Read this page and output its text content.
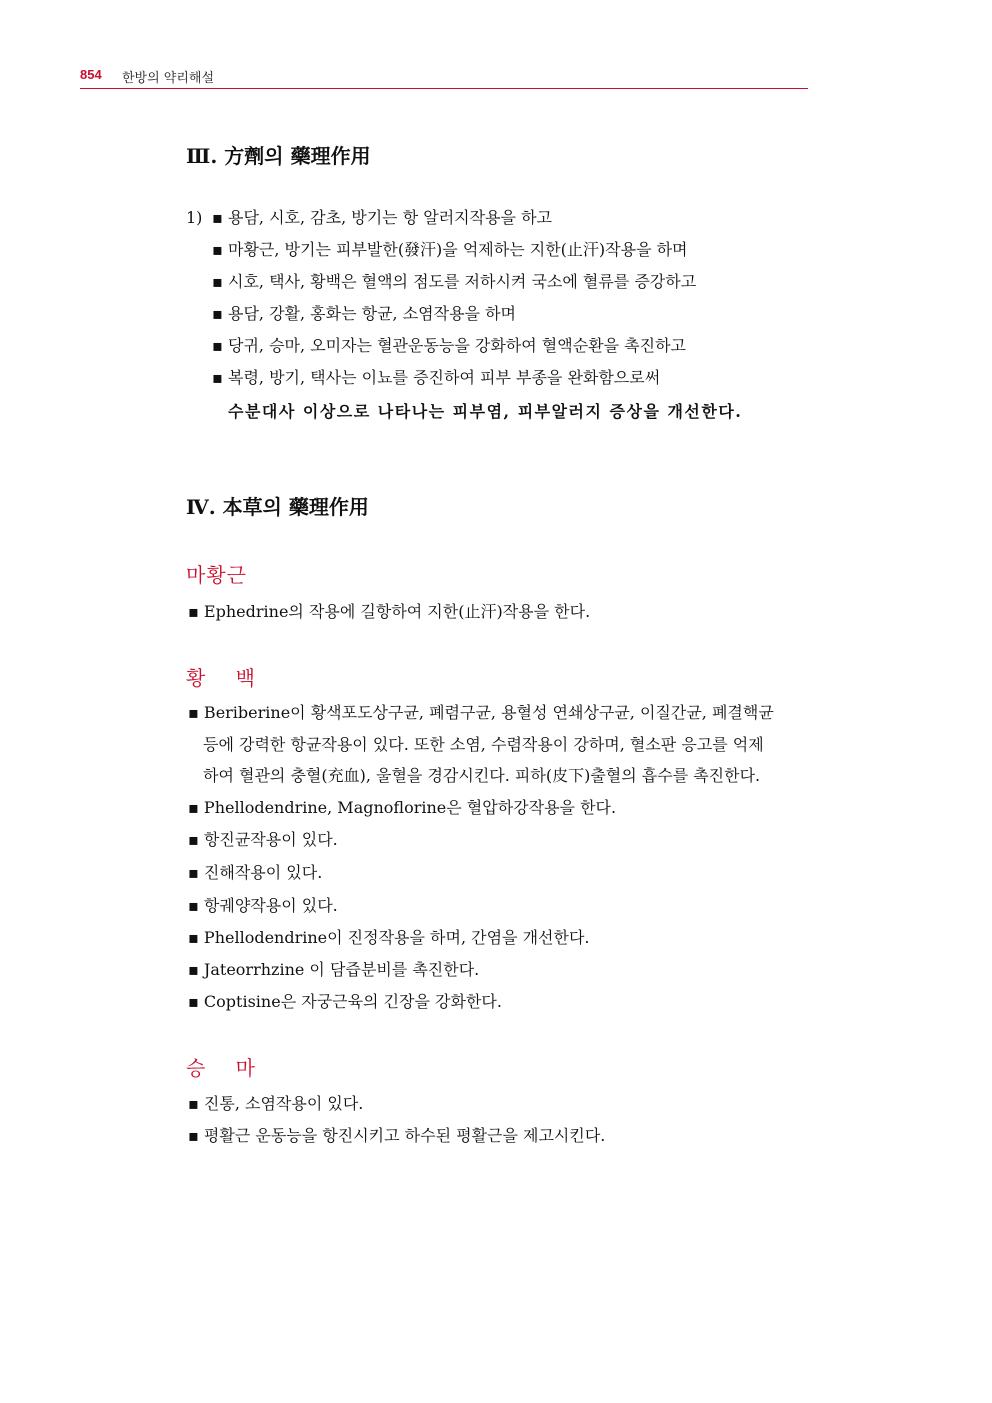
854 한방의 약리해설
Ⅲ. 方劑의 藥理作用
1) ▪ 용담, 시호, 감초, 방기는 항 알러지작용을 하고
▪ 마황근, 방기는 피부발한(發汗)을 억제하는 지한(止汗)작용을 하며
▪ 시호, 택사, 황백은 혈액의 점도를 저하시켜 국소에 혈류를 증강하고
▪ 용담, 강활, 홍화는 항균, 소염작용을 하며
▪ 당귀, 승마, 오미자는 혈관운동능을 강화하여 혈액순환을 촉진하고
▪ 복령, 방기, 택사는 이뇨를 증진하여 피부 부종을 완화함으로써
수분대사 이상으로 나타나는 피부염, 피부알러지 증상을 개선한다.
Ⅳ. 本草의 藥理作用
마황근
▪ Ephedrine의 작용에 길항하여 지한(止汗)작용을 한다.
황 백
▪ Beriberine이 황색포도상구균, 폐렴구균, 용혈성 연쇄상구균, 이질간균, 폐결핵균
등에 강력한 항균작용이 있다. 또한 소염, 수렴작용이 강하며, 혈소판 응고를 억제
하여 혈관의 충혈(充血), 울혈을 경감시킨다. 피하(皮下)출혈의 흡수를 촉진한다.
▪ Phellodendrine, Magnoflorine은 혈압하강작용을 한다.
▪ 항진균작용이 있다.
▪ 진해작용이 있다.
▪ 항궤양작용이 있다.
▪ Phellodendrine이 진정작용을 하며, 간염을 개선한다.
▪ Jateorrhzine 이 담즙분비를 촉진한다.
▪ Coptisine은 자궁근육의 긴장을 강화한다.
승 마
▪ 진통, 소염작용이 있다.
▪ 평활근 운동능을 항진시키고 하수된 평활근을 제고시킨다.
